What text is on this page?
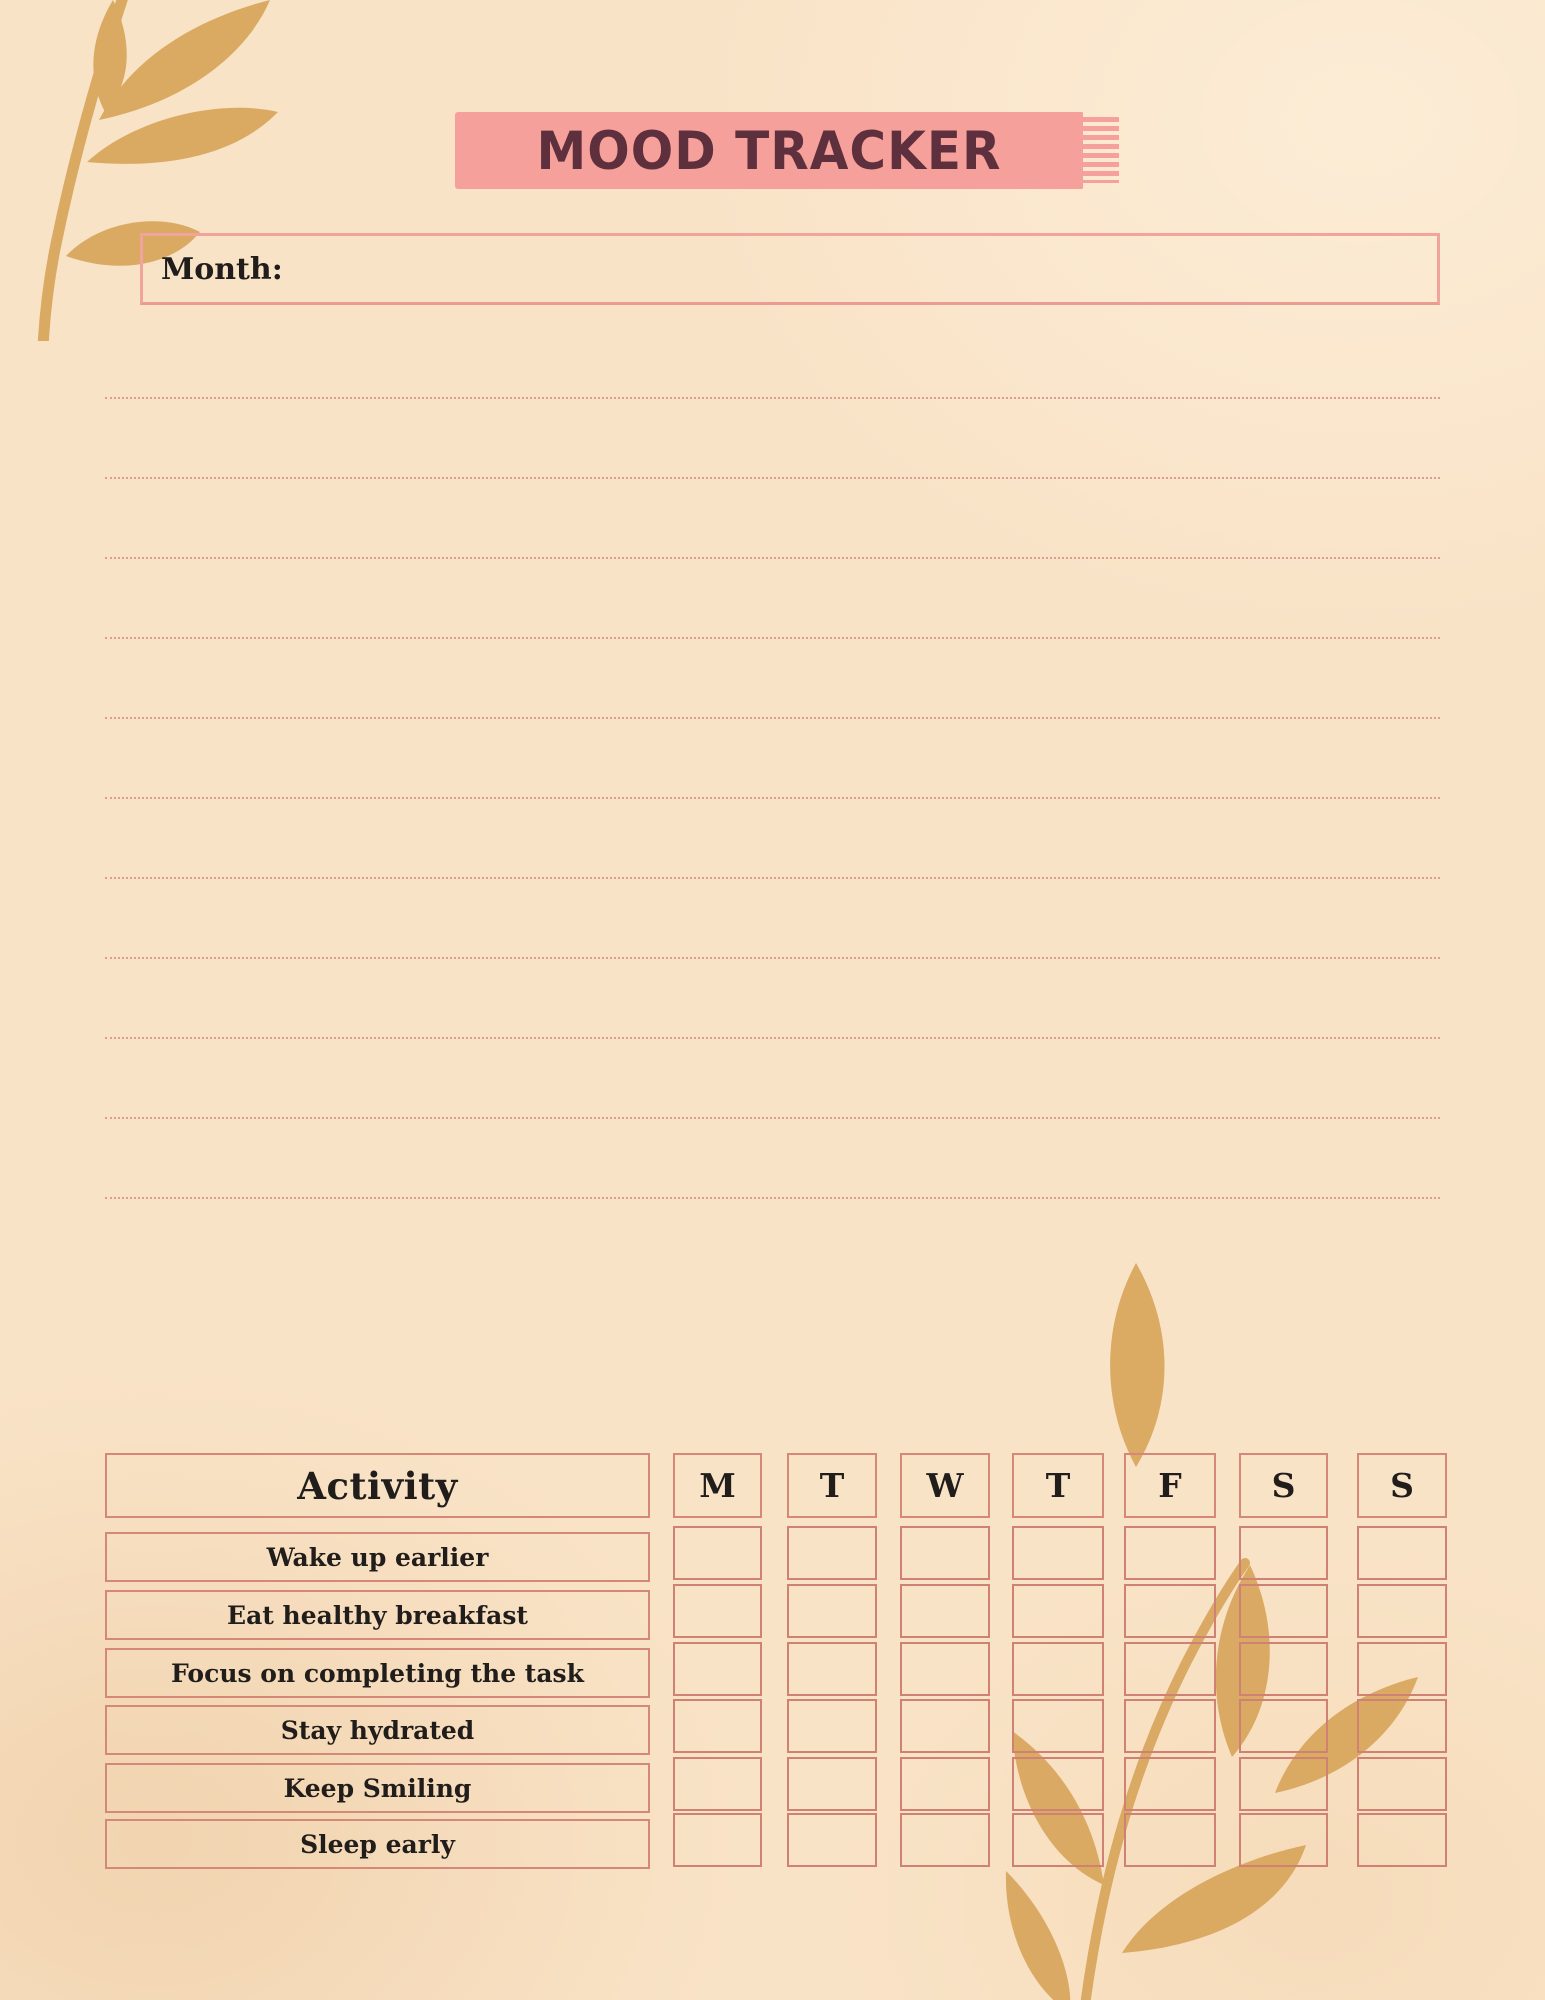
MOOD TRACKER
Month:
Activity	M	T	W	T	F	S	S
Wake up earlier
Eat healthy breakfast
Focus on completing the task
Stay hydrated
Keep Smiling
Sleep early
